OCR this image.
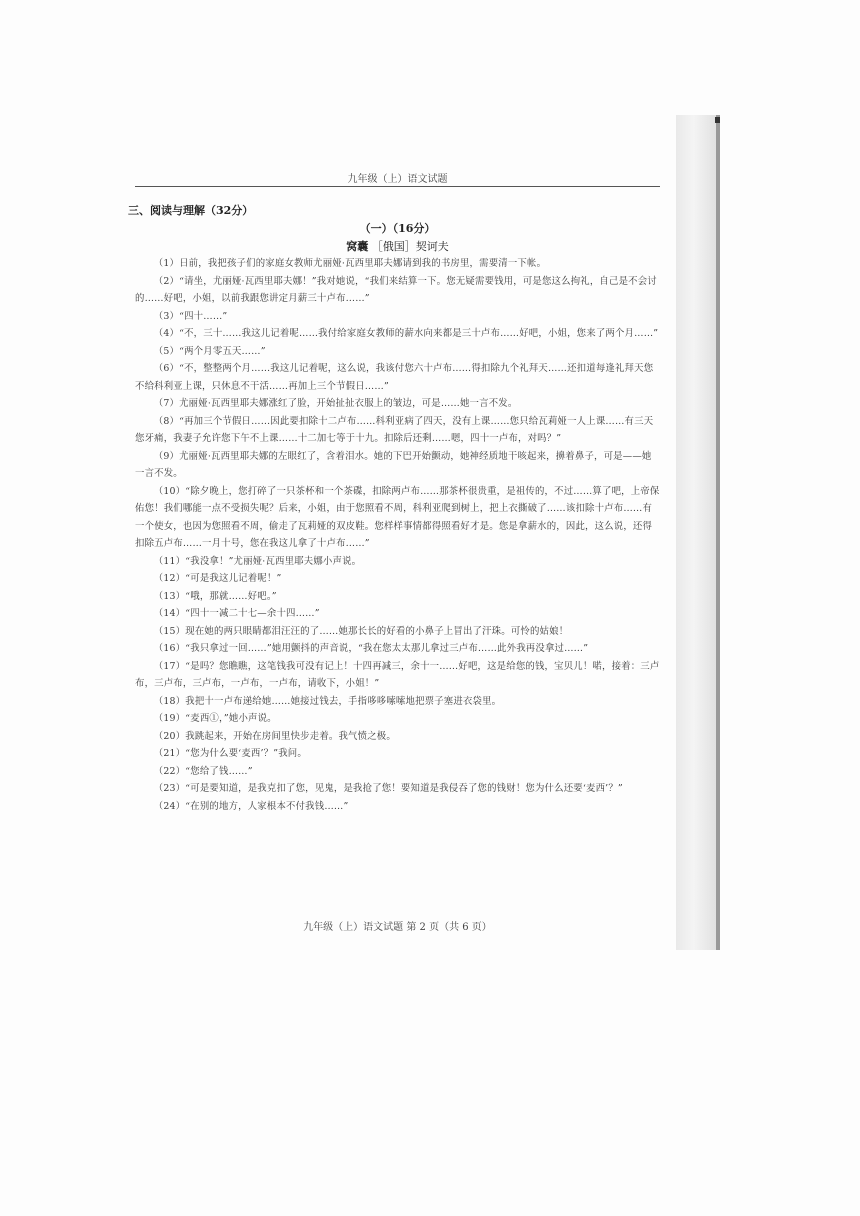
九年级（上）语文试题
三、阅读与理解（32分）
（一）（16分）
窝囊 ［俄国］契诃夫

（1）日前，我把孩子们的家庭女教师尤丽娅·瓦西里耶夫娜请到我的书房里，需要清一下帐。

（2）“请坐，尤丽娅·瓦西里耶夫娜！”我对她说，“我们来结算一下。您无疑需要钱用，可是您这么拘礼，自己是不会讨的……好吧，小姐，以前我跟您讲定月薪三十卢布……”

（3）“四十……”

（4）“不，三十……我这儿记着呢……我付给家庭女教师的薪水向来都是三十卢布……好吧，小姐，您来了两个月……”

（5）“两个月零五天……”

（6）“不，整整两个月……我这儿记着呢，这么说，我该付您六十卢布……得扣除九个礼拜天……还扣道每逢礼拜天您不给科利亚上课，只休息不干活……再加上三个节假日……”

（7）尤丽娅·瓦西里耶夫娜涨红了脸，开始扯扯衣服上的皱边，可是……她一言不发。

（8）“再加三个节假日……因此要扣除十二卢布……科利亚病了四天，没有上课……您只给瓦莉娅一人上课……有三天您牙痛，我妻子允许您下午不上课……十二加七等于十九。扣除后还剩……嗯，四十一卢布，对吗？”

（9）尤丽娅·瓦西里耶夫娜的左眼红了，含着泪水。她的下巴开始颤动，她神经质地干咳起来，擤着鼻子，可是——她一言不发。

（10）“除夕晚上，您打碎了一只茶杯和一个茶碟，扣除两卢布……那茶杯很贵重，是祖传的，不过……算了吧，上帝保佑您！我们哪能一点不受损失呢？后来，小姐，由于您照看不周，科利亚爬到树上，把上衣撕破了……该扣除十卢布……有一个使女，也因为您照看不周，偷走了瓦莉娅的双皮鞋。您样样事情都得照看好才是。您是拿薪水的，因此，这么说，还得扣除五卢布……一月十号，您在我这儿拿了十卢布……”

（11）“我没拿！”尤丽娅·瓦西里耶夫娜小声说。

（12）“可是我这儿记着呢！”

（13）“哦，那就……好吧。”

（14）“四十一减二十七—余十四……”

（15）现在她的两只眼睛都泪汪汪的了……她那长长的好看的小鼻子上冒出了汗珠。可怜的姑娘！

（16）“我只拿过一回……”她用颤抖的声音说，“我在您太太那儿拿过三卢布……此外我再没拿过……”

（17）“是吗？您瞧瞧，这笔钱我可没有记上！十四再减三，余十一……好吧，这是给您的钱，宝贝儿！喏，接着：三卢布，三卢布，三卢布，一卢布，一卢布，请收下，小姐！”

（18）我把十一卢布递给她……她接过钱去，手指哆哆嗦嗦地把票子塞进衣袋里。

（19）“麦西①，”她小声说。

（20）我跳起来，开始在房间里快步走着。我气愤之极。

（21）“您为什么要‘麦西’？”我问。

（22）“您给了钱……”

（23）“可是要知道，是我克扣了您，见鬼，是我抢了您！要知道是我侵吞了您的钱财！您为什么还要‘麦西’？”

（24）“在别的地方，人家根本不付我钱……”

九年级（上）语文试题 第 2 页（共 6 页）
